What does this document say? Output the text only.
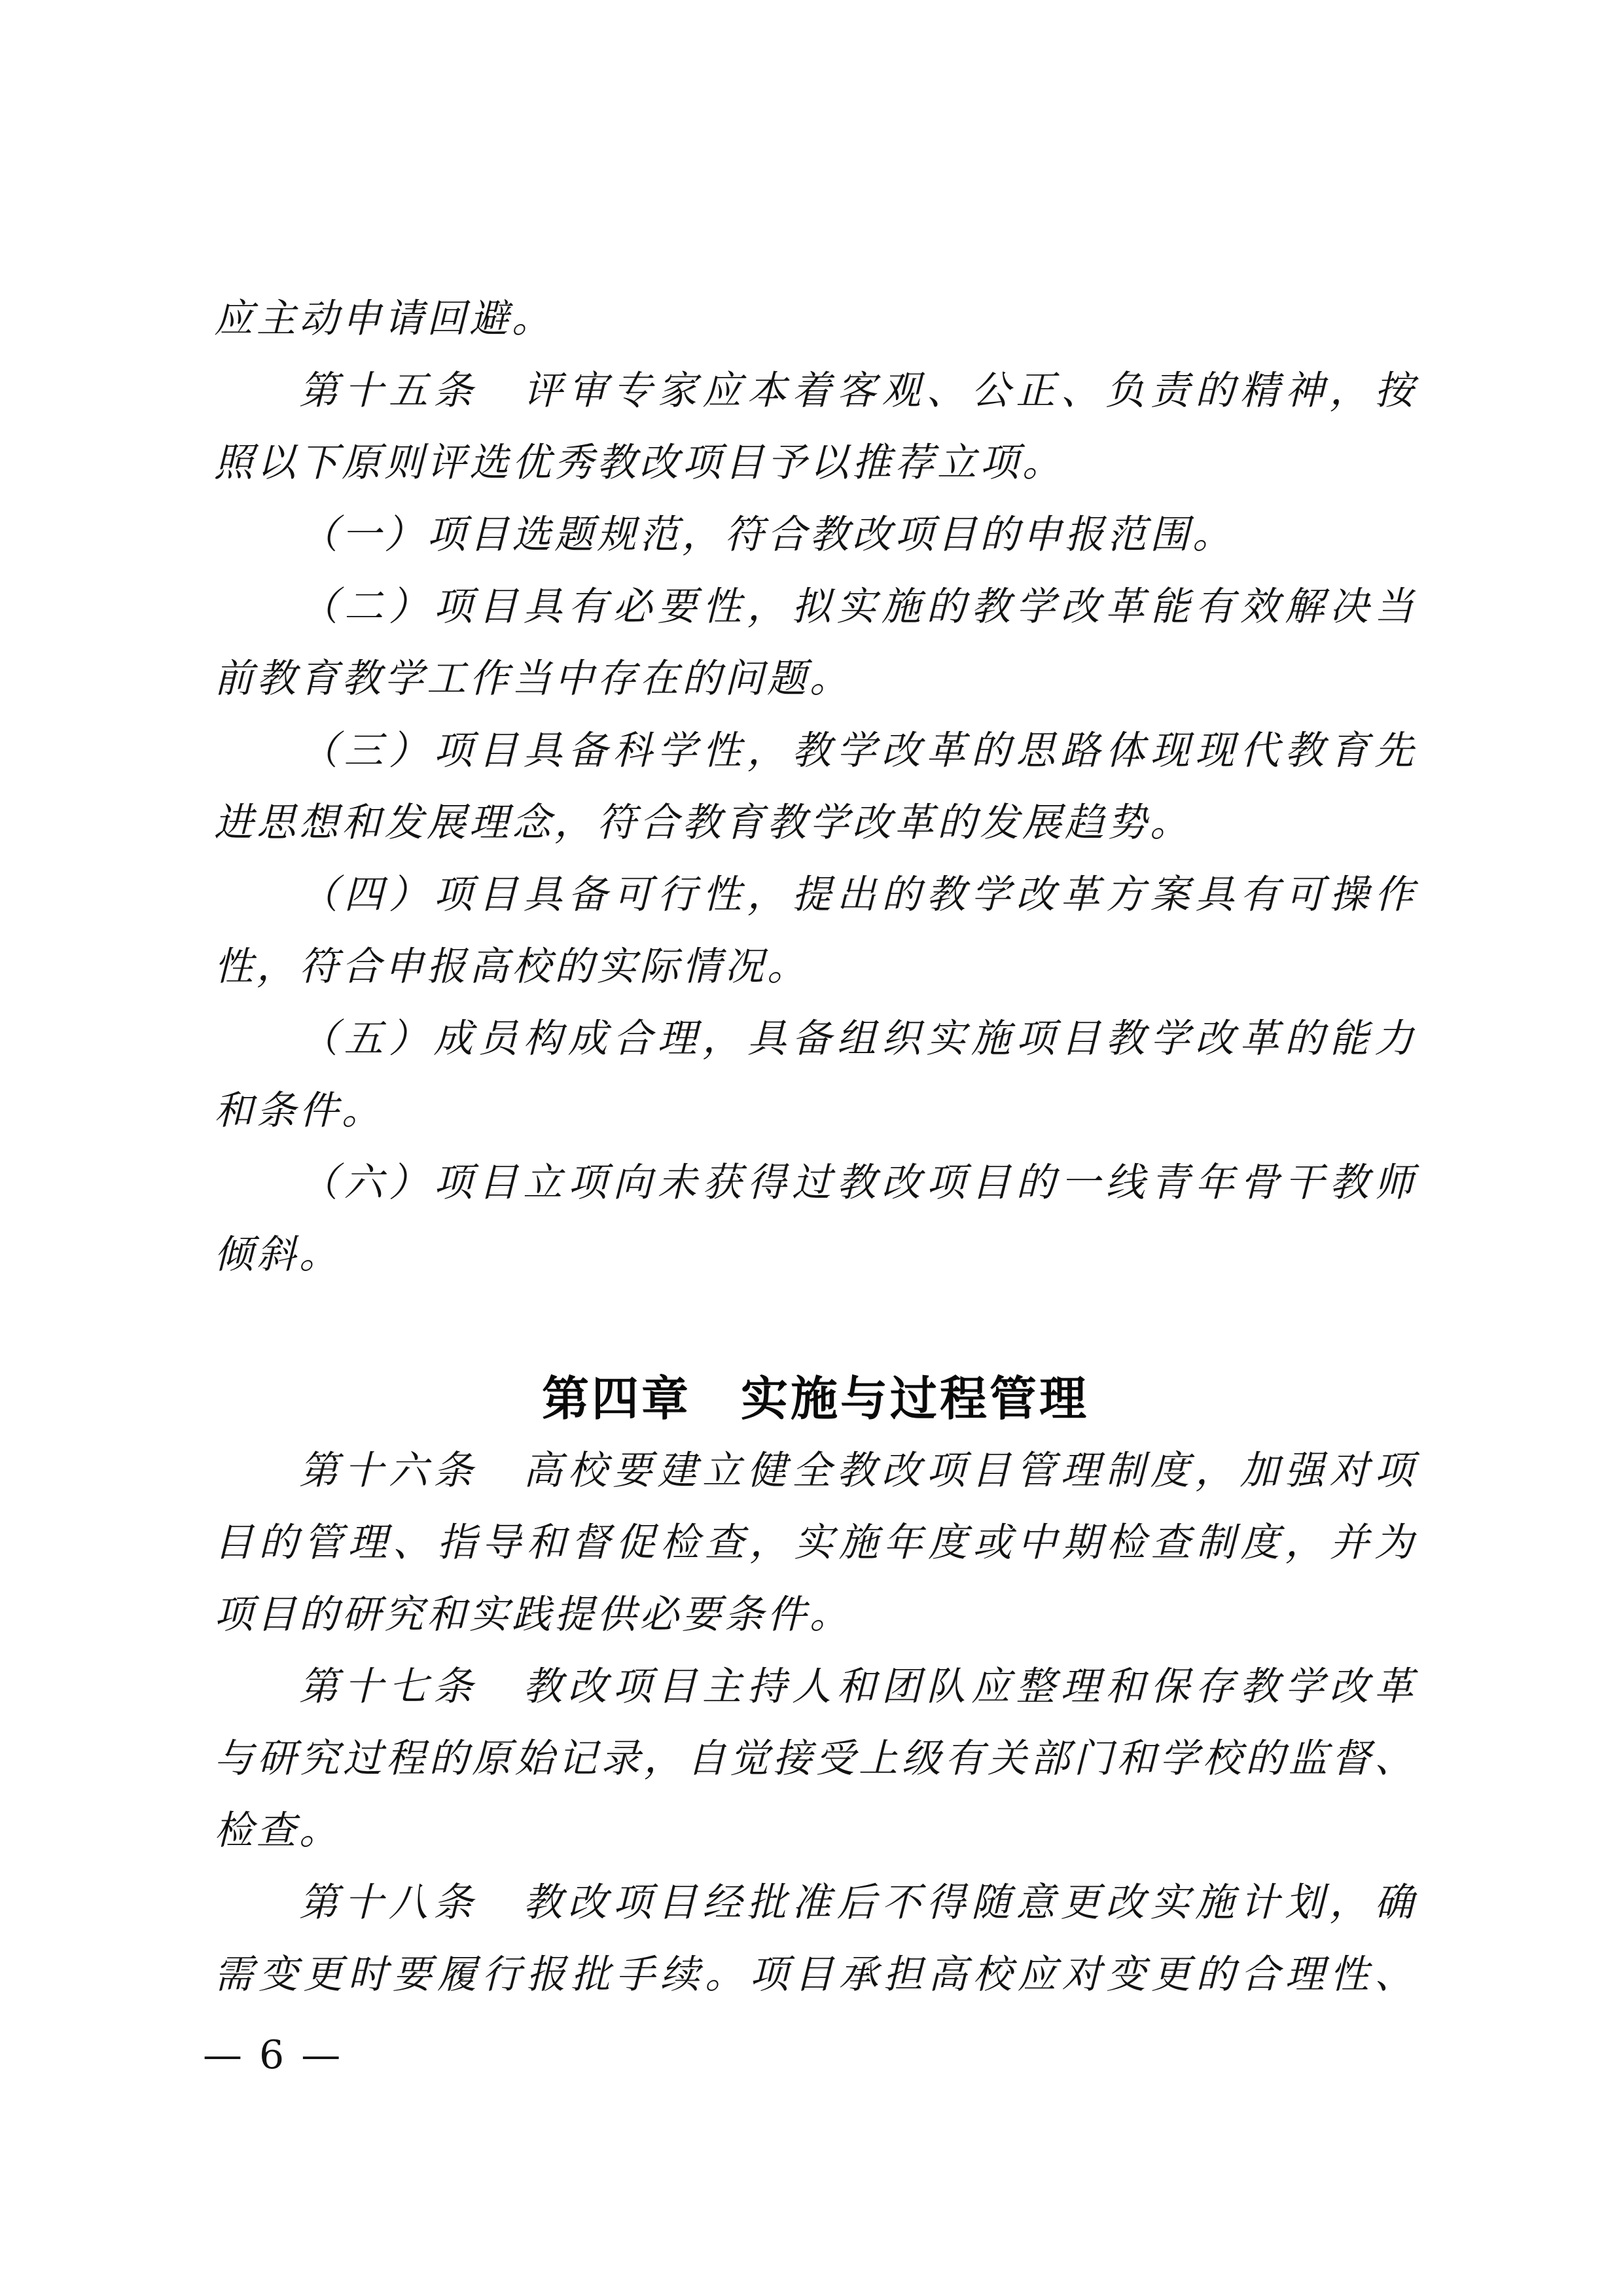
应主动申请回避。
第十五条　评审专家应本着客观、公正、负责的精神，按
照以下原则评选优秀教改项目予以推荐立项。
（一）项目选题规范，符合教改项目的申报范围。
（二）项目具有必要性，拟实施的教学改革能有效解决当
前教育教学工作当中存在的问题。
（三）项目具备科学性，教学改革的思路体现现代教育先
进思想和发展理念，符合教育教学改革的发展趋势。
（四）项目具备可行性，提出的教学改革方案具有可操作
性，符合申报高校的实际情况。
（五）成员构成合理，具备组织实施项目教学改革的能力
和条件。
（六）项目立项向未获得过教改项目的一线青年骨干教师
倾斜。
第四章　实施与过程管理
第十六条　高校要建立健全教改项目管理制度，加强对项
目的管理、指导和督促检查，实施年度或中期检查制度，并为
项目的研究和实践提供必要条件。
第十七条　教改项目主持人和团队应整理和保存教学改革
与研究过程的原始记录，自觉接受上级有关部门和学校的监督、
检查。
第十八条　教改项目经批准后不得随意更改实施计划，确
需变更时要履行报批手续。项目承担高校应对变更的合理性、
— 6 —
